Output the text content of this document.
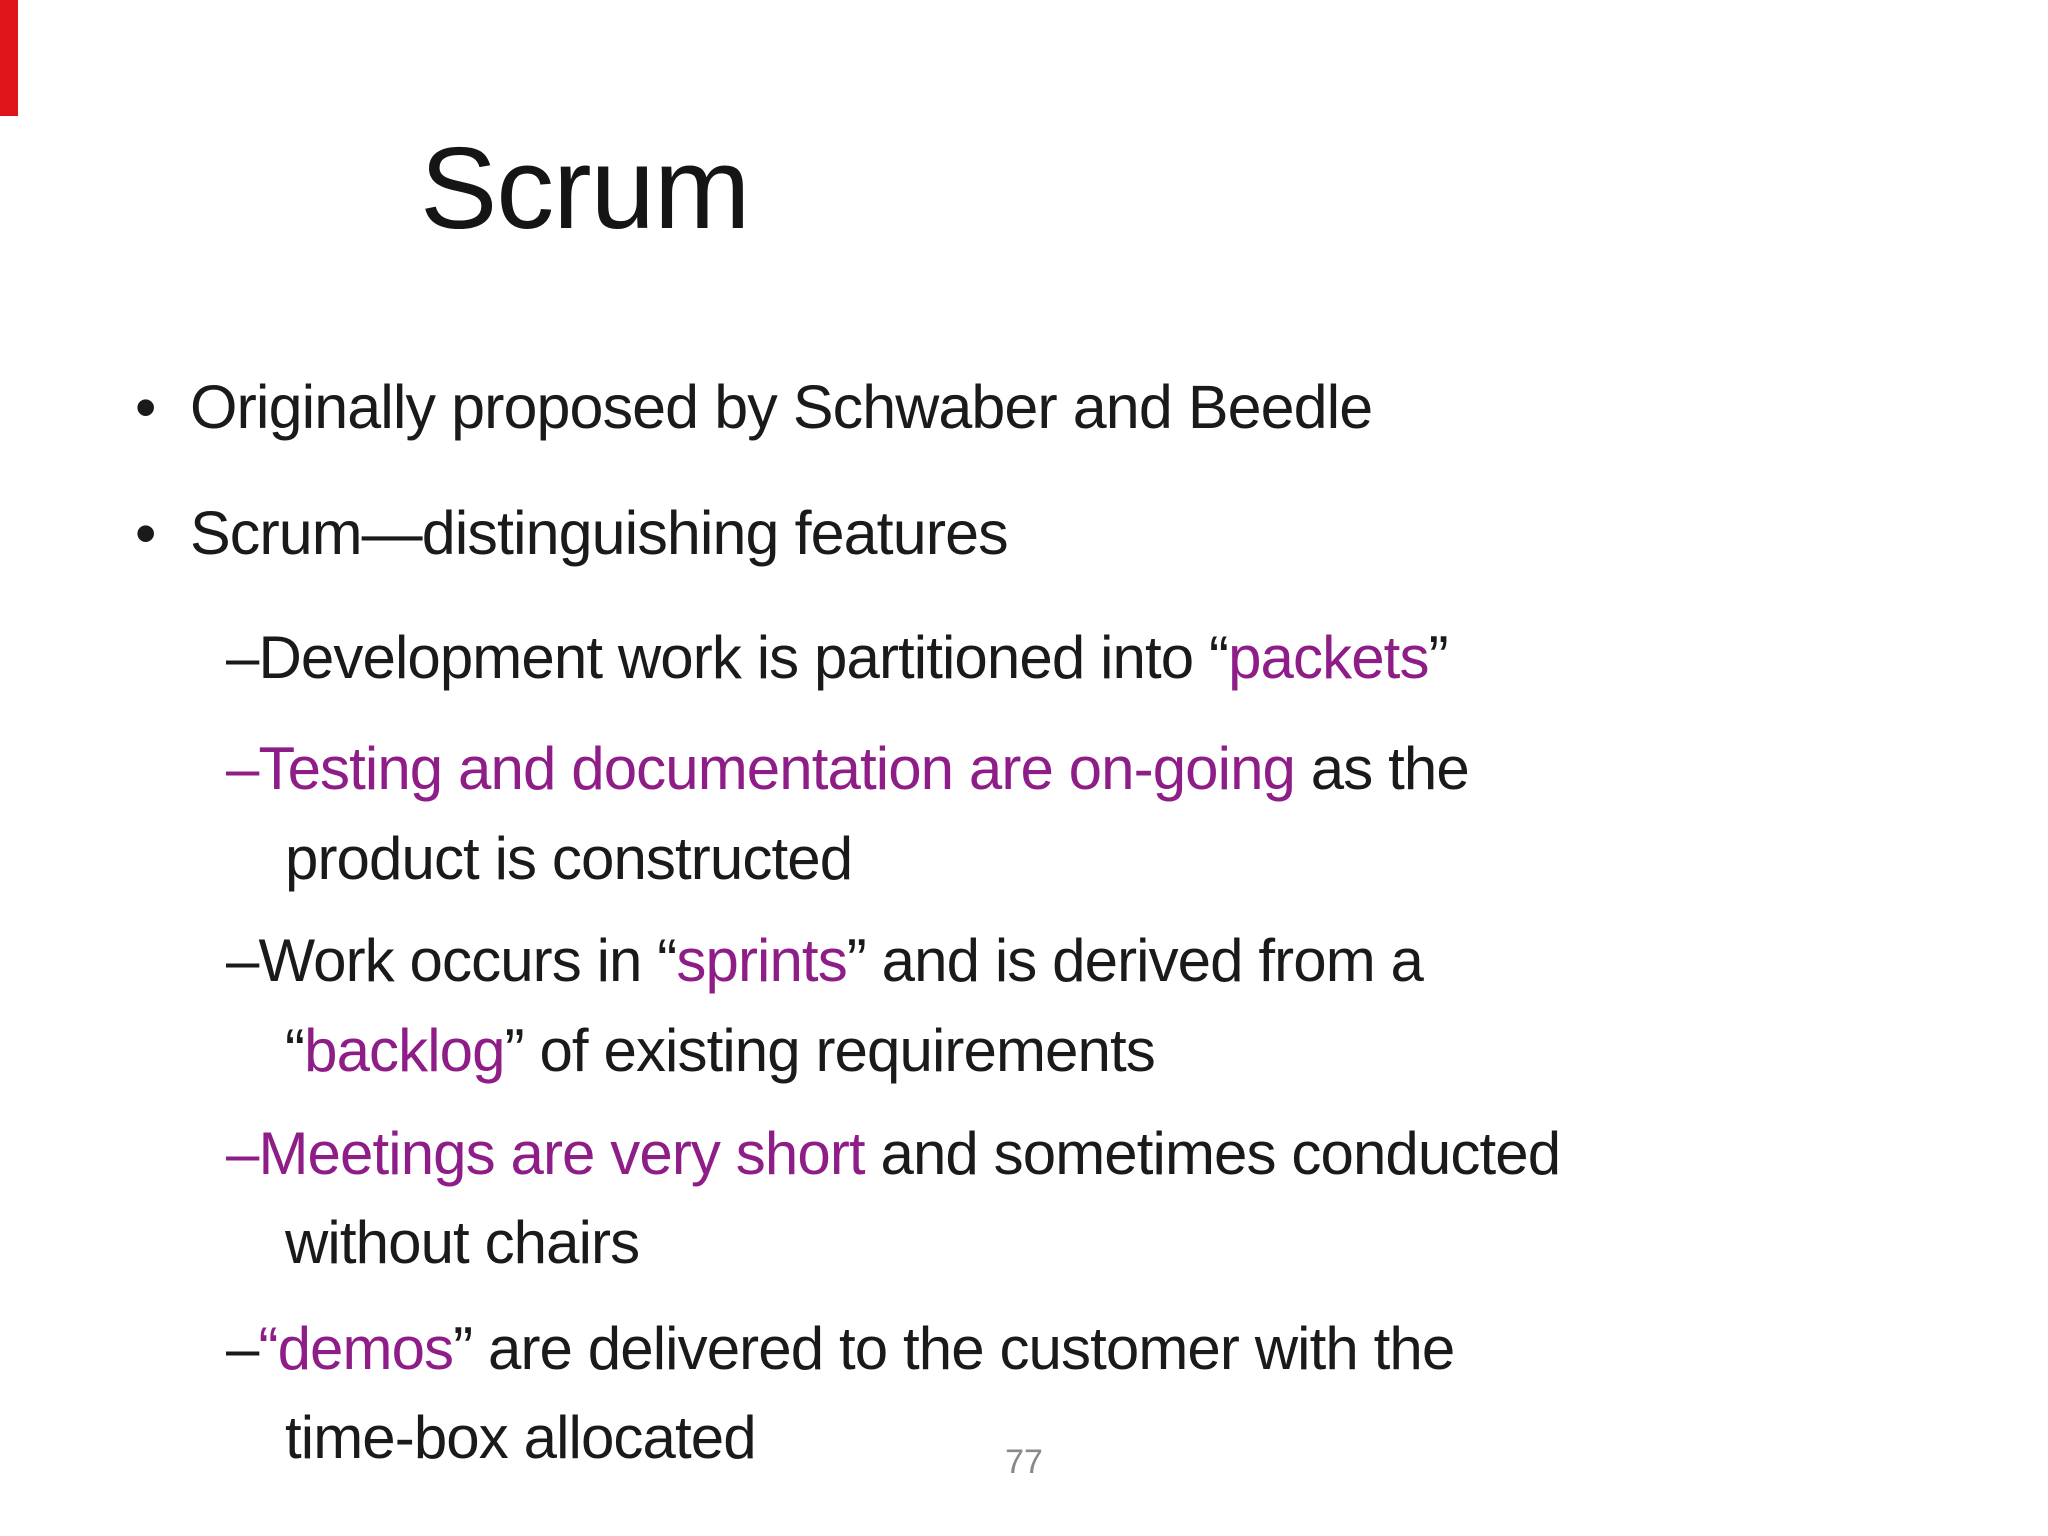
Scrum
• Originally proposed by Schwaber and Beedle
• Scrum—distinguishing features
–Development work is partitioned into “packets”
–Testing and documentation are on-going as the
product is constructed
–Work occurs in “sprints” and is derived from a
“backlog” of existing requirements
–Meetings are very short and sometimes conducted
without chairs
–“demos” are delivered to the customer with the
time-box allocated	77
